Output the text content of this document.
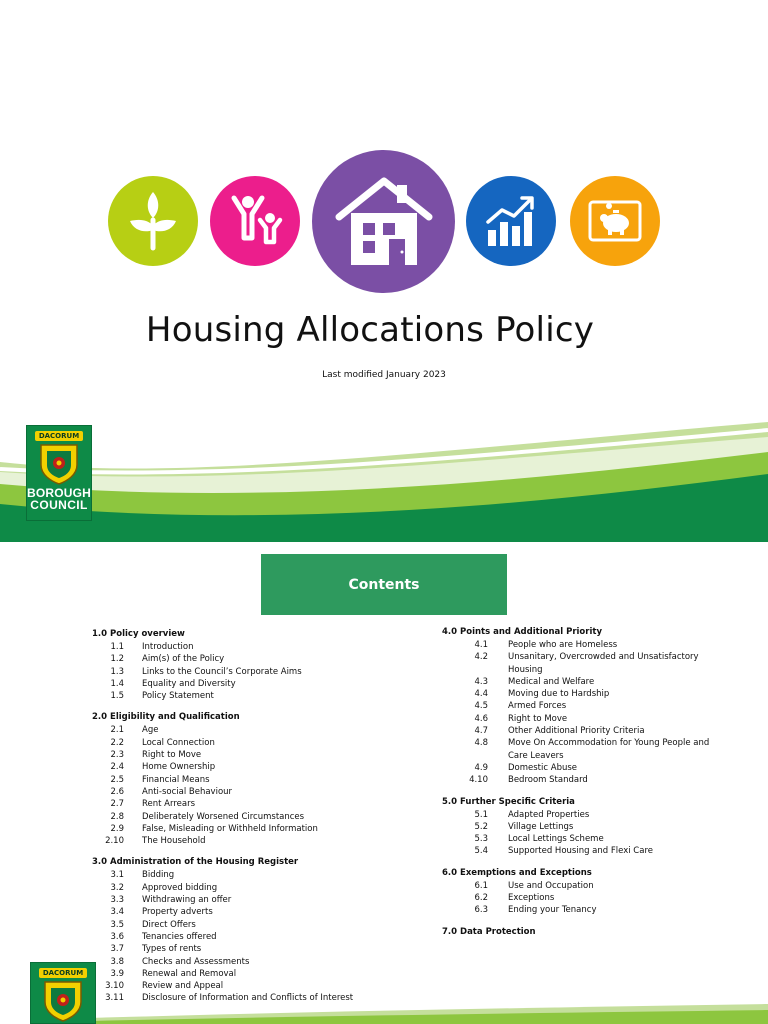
Housing Allocations Policy
Last modified January 2023
DACORUM
BOROUGH
COUNCIL
Contents
1.0 Policy overview
1.1	Introduction
1.2	Aim(s) of the Policy
1.3	Links to the Council’s Corporate Aims
1.4	Equality and Diversity
1.5	Policy Statement
2.0 Eligibility and Qualification
2.1	Age
2.2	Local Connection
2.3	Right to Move
2.4	Home Ownership
2.5	Financial Means
2.6	Anti-social Behaviour
2.7	Rent Arrears
2.8	Deliberately Worsened Circumstances
2.9	False, Misleading or Withheld Information
2.10	The Household
3.0 Administration of the Housing Register
3.1	Bidding
3.2	Approved bidding
3.3	Withdrawing an offer
3.4	Property adverts
3.5	Direct Offers
3.6	Tenancies offered
3.7	Types of rents
3.8	Checks and Assessments
3.9	Renewal and Removal
3.10	Review and Appeal
3.11	Disclosure of Information and Conflicts of Interest
4.0 Points and Additional Priority
4.1	People who are Homeless
4.2	Unsanitary, Overcrowded and Unsatisfactory Housing
4.3	Medical and Welfare
4.4	Moving due to Hardship
4.5	Armed Forces
4.6	Right to Move
4.7	Other Additional Priority Criteria
4.8	Move On Accommodation for Young People and Care Leavers
4.9	Domestic Abuse
4.10	Bedroom Standard
5.0 Further Specific Criteria
5.1	Adapted Properties
5.2	Village Lettings
5.3	Local Lettings Scheme
5.4	Supported Housing and Flexi Care
6.0 Exemptions and Exceptions
6.1	Use and Occupation
6.2	Exceptions
6.3	Ending your Tenancy
7.0 Data Protection
DACORUM
